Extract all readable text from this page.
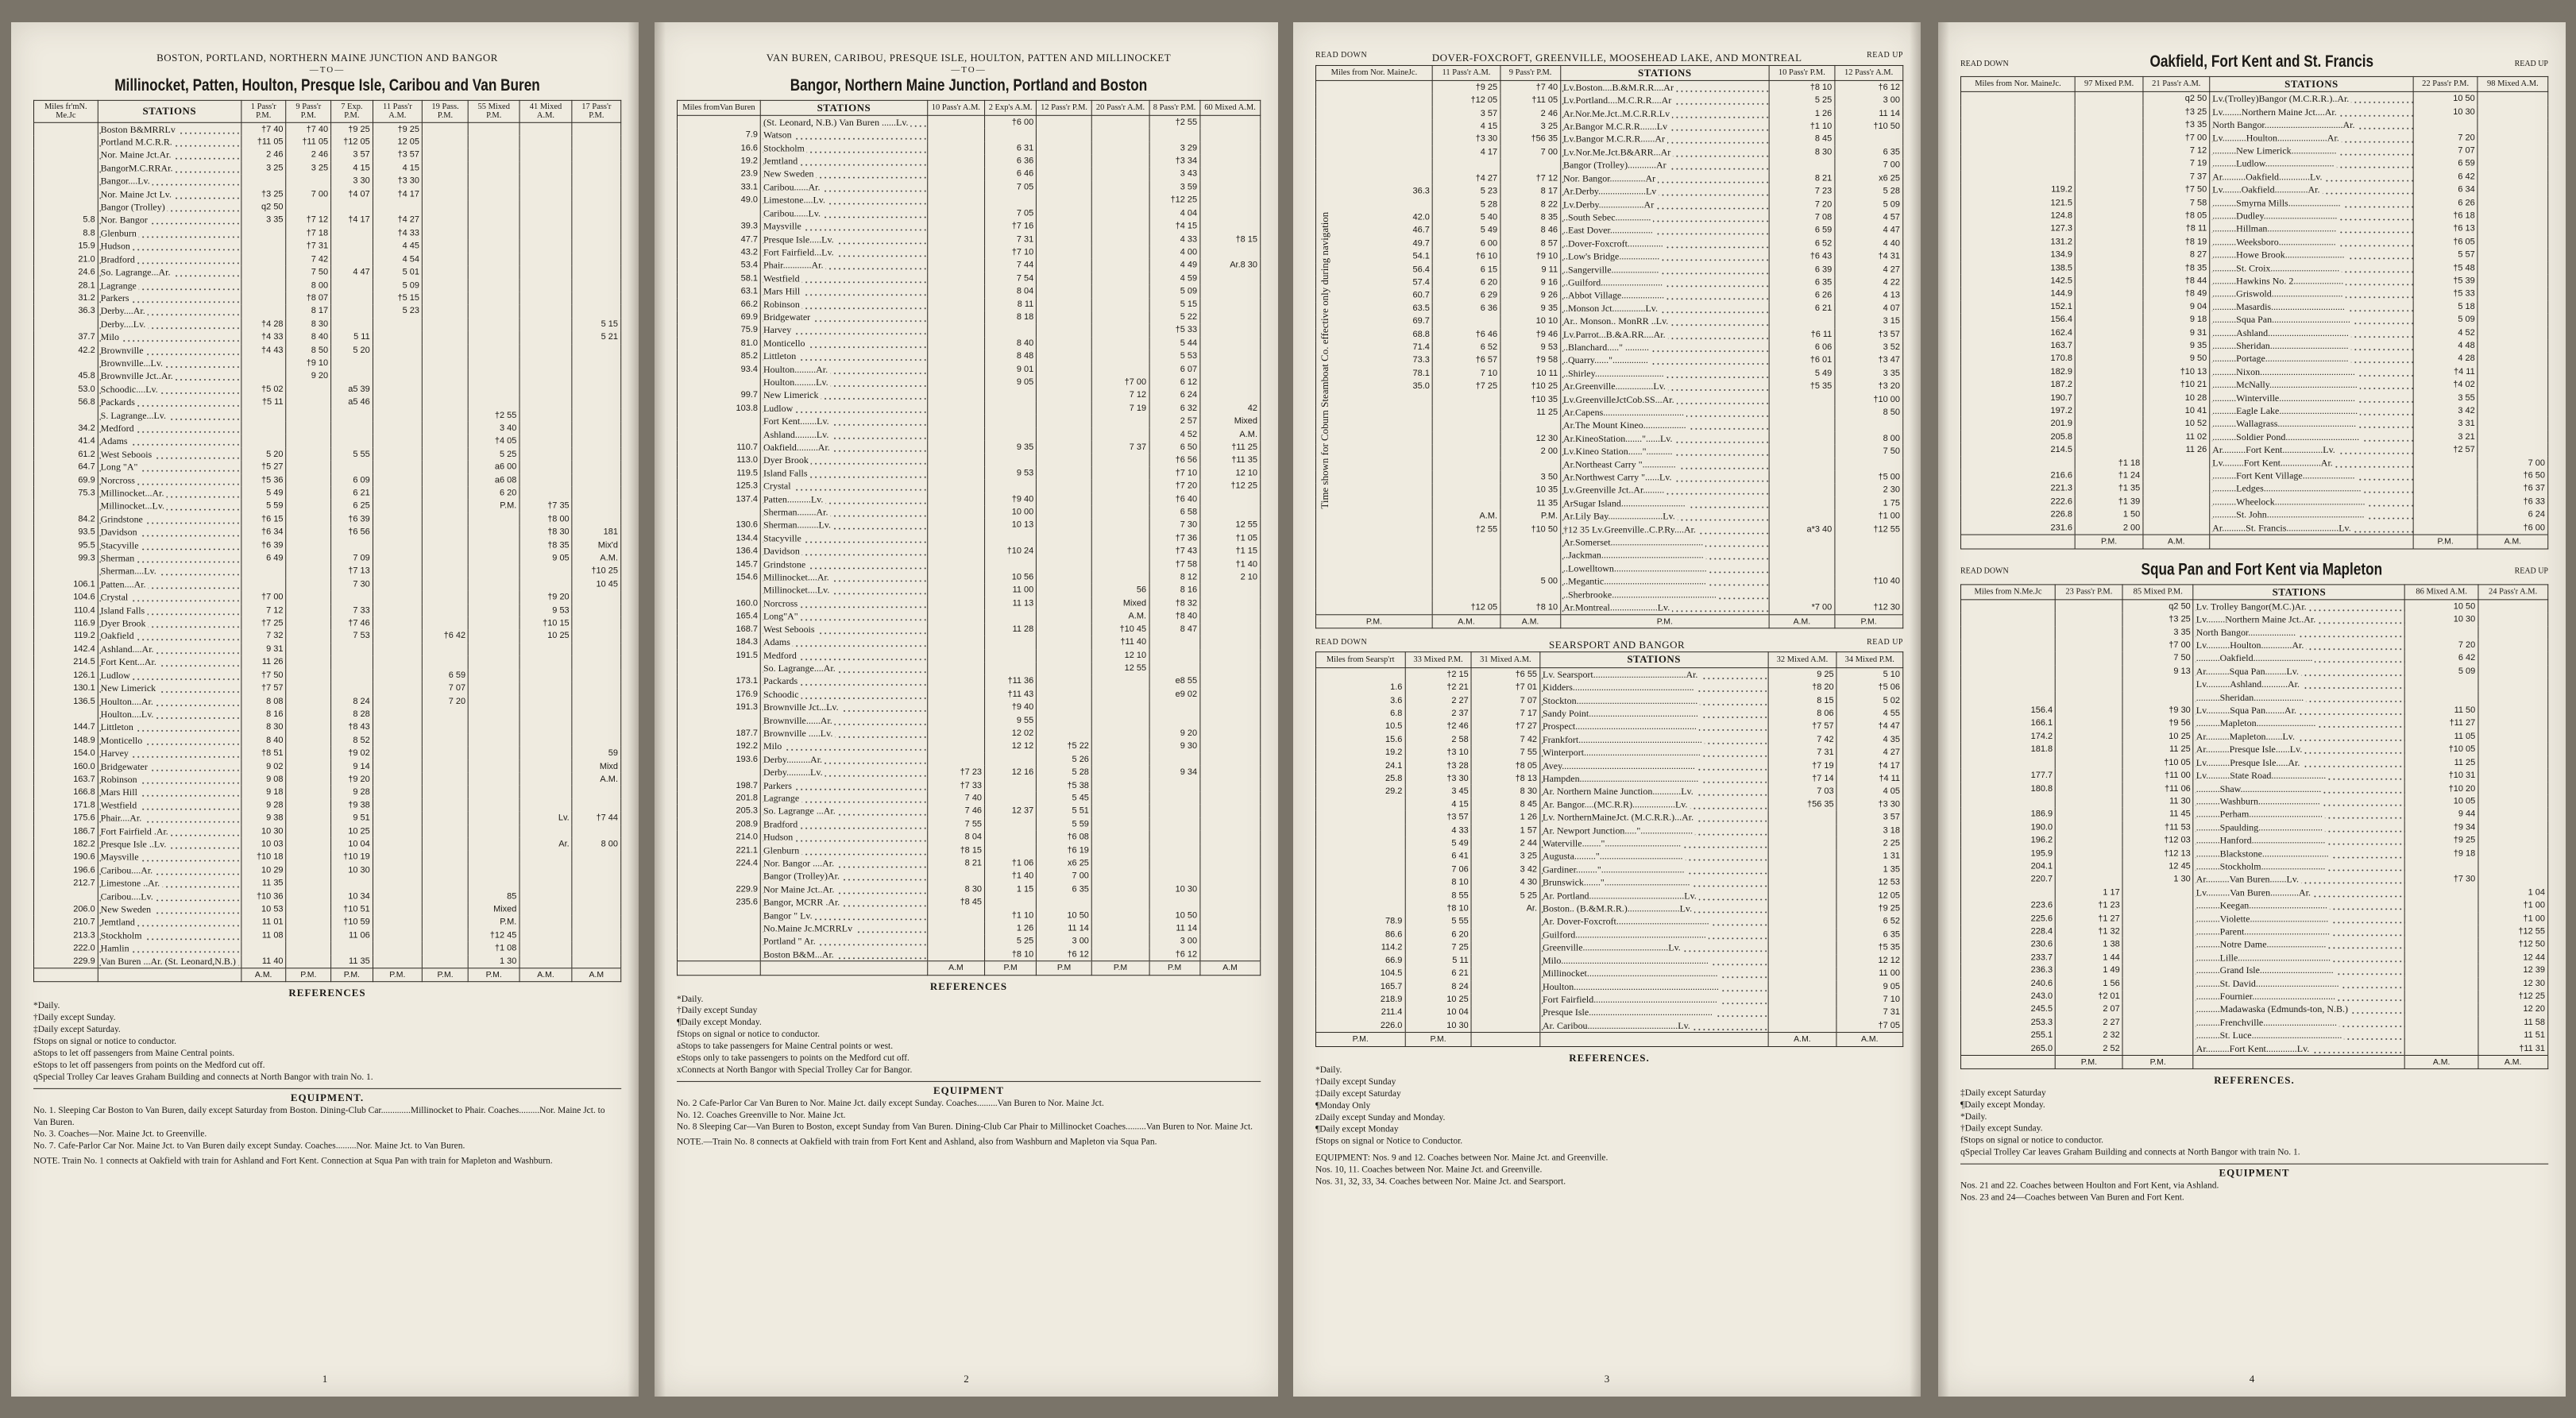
BOSTON, PORTLAND, NORTHERN MAINE JUNCTION AND BANGOR
—TO—
Millinocket, Patten, Houlton, Presque Isle, Caribou and Van Buren
Miles fr'mN. Me.Jc	STATIONS	1 Pass'r P.M.	9 Pass'r P.M.	7 Exp. P.M.	11 Pass'r A.M.	19 Pass. P.M.	55 Mixed P.M.	41 Mixed A.M.	17 Pass'r P.M.
	Boston B&MRRLv	†7 40	†7 40	†9 25	†9 25				
	Portland M.C.R.R.	†11 05	†11 05	†12 05	12 05				
	Nor. Maine Jct.Ar.	2 46	2 46	3 57	†3 57				
	BangorM.C.RRAr.	3 25	3 25	4 15	4 15				
	Bangor....Lv.			3 30	†3 30				
	Nor. Maine Jct Lv.	†3 25	7 00	†4 07	†4 17				
	Bangor (Trolley)	q2 50							
5.8	Nor. Bangor	3 35	†7 12	†4 17	†4 27				
8.8	Glenburn		†7 18		†4 33				
15.9	Hudson		†7 31		4 45				
21.0	Bradford		7 42		4 54				
24.6	So. Lagrange...Ar.		7 50	4 47	5 01				
28.1	Lagrange		8 00		5 09				
31.2	Parkers		†8 07		†5 15				
36.3	Derby....Ar.		8 17		5 23				
	Derby....Lv.	†4 28	8 30						5 15
37.7	Milo	†4 33	8 40	5 11					5 21
42.2	Brownville	†4 43	8 50	5 20					
	Brownville...Lv.		†9 10						
45.8	Brownville Jct..Ar.		9 20						
53.0	Schoodic....Lv.	†5 02		a5 39					
56.8	Packards	†5 11		a5 46					
	S. Lagrange...Lv.						†2 55		
34.2	Medford						3 40		
41.4	Adams						†4 05		
61.2	West Seboois	5 20		5 55			5 25		
64.7	Long "A"	†5 27					a6 00		
69.9	Norcross	†5 36		6 09			a6 08		
75.3	Millinocket...Ar.	5 49		6 21			6 20		
	Millinocket...Lv.	5 59		6 25			P.M.	†7 35	
84.2	Grindstone	†6 15		†6 39				†8 00	
93.5	Davidson	†6 34		†6 56				†8 30	181
95.5	Stacyville	†6 39						†8 35	Mix'd
99.3	Sherman	6 49		7 09				9 05	A.M.
	Sherman....Lv.			†7 13					†10 25
106.1	Patten....Ar.			7 30					10 45
104.6	Crystal	†7 00						†9 20	
110.4	Island Falls	7 12		7 33				9 53	
116.9	Dyer Brook	†7 25		†7 46				†10 15	
119.2	Oakfield	7 32		7 53		†6 42		10 25	
142.4	Ashland....Ar.	9 31							
214.5	Fort Kent...Ar.	11 26							
126.1	Ludlow	†7 50				6 59			
130.1	New Limerick	†7 57				7 07			
136.5	Houlton....Ar.	8 08		8 24		7 20			
	Houlton....Lv.	8 16		8 28					
144.7	Littleton	8 30		†8 43					
148.9	Monticello	8 40		8 52					
154.0	Harvey	†8 51		†9 02					59
160.0	Bridgewater	9 02		9 14					Mixd
163.7	Robinson	9 08		†9 20					A.M.
166.8	Mars Hill	9 18		9 28					
171.8	Westfield	9 28		†9 38					
175.6	Phair....Ar.	9 38		9 51				Lv.	†7 44
186.7	Fort Fairfield .Ar.	10 30		10 25					
182.2	Presque Isle ..Lv.	10 03		10 04				Ar.	8 00
190.6	Maysville	†10 18		†10 19					
196.6	Caribou....Ar.	10 29		10 30					
212.7	Limestone ..Ar.	11 35							
	Caribou....Lv.	†10 36		10 34			85		
206.0	New Sweden	10 53		†10 51			Mixed		
210.7	Jemtland	11 01		†10 59			P.M.		
213.3	Stockholm	11 08		11 06			†12 45		
222.0	Hamlin						†1 08		
229.9	Van Buren ...Ar. (St. Leonard,N.B.)	11 40		11 35			1 30		
		A.M.	P.M.	P.M.	P.M.	P.M.	P.M.	A.M.	A.M
REFERENCES
*Daily.
†Daily except Sunday.
‡Daily except Saturday.
fStops on signal or notice to conductor.
aStops to let off passengers from Maine Central points.
eStops to let off passengers from points on the Medford cut off.
qSpecial Trolley Car leaves Graham Building and connects at North Bangor with train No. 1.
EQUIPMENT.
No. 1. Sleeping Car Boston to Van Buren, daily except Saturday from Boston. Dining-Club Car.............Millinocket to Phair. Coaches.........Nor. Maine Jct. to Van Buren.
No. 3. Coaches—Nor. Maine Jct. to Greenville.
No. 7. Cafe-Parlor Car Nor. Maine Jct. to Van Buren daily except Sunday. Coaches.........Nor. Maine Jct. to Van Buren.
NOTE. Train No. 1 connects at Oakfield with train for Ashland and Fort Kent. Connection at Squa Pan with train for Mapleton and Washburn.
1
VAN BUREN, CARIBOU, PRESQUE ISLE, HOULTON, PATTEN AND MILLINOCKET
—TO—
Bangor, Northern Maine Junction, Portland and Boston
Miles fromVan Buren	STATIONS	10 Pass'r A.M.	2 Exp's A.M.	12 Pass'r P.M.	20 Pass'r A.M.	8 Pass'r P.M.	60 Mixed A.M.
	(St. Leonard, N.B.) Van Buren ......Lv.		†6 00			†2 55	
7.9	Watson						
16.6	Stockholm		6 31			3 29	
19.2	Jemtland		6 36			†3 34	
23.9	New Sweden		6 46			3 43	
33.1	Caribou......Ar.		7 05			3 59	
49.0	Limestone....Lv.					†12 25	
	Caribou......Lv.		7 05			4 04	
39.3	Maysville		†7 16			†4 15	
47.7	Presque Isle.....Lv.		7 31			4 33	†8 15
43.2	Fort Fairfield...Lv.		†7 10			4 00	
53.4	Phair............Ar.		7 44			4 49	Ar.8 30
58.1	Westfield		7 54			4 59	
63.1	Mars Hill		8 04			5 09	
66.2	Robinson		8 11			5 15	
69.9	Bridgewater		8 18			5 22	
75.9	Harvey					†5 33	
81.0	Monticello		8 40			5 44	
85.2	Littleton		8 48			5 53	
93.4	Houlton.........Ar.		9 01			6 07	
	Houlton.........Lv.		9 05		†7 00	6 12	
99.7	New Limerick				7 12	6 24	
103.8	Ludlow				7 19	6 32	42
	Fort Kent.......Lv.					2 57	Mixed
	Ashland.........Lv.					4 52	A.M.
110.7	Oakfield.........Ar.		9 35		7 37	6 50	†11 25
113.0	Dyer Brook					†6 56	†11 35
119.5	Island Falls		9 53			†7 10	12 10
125.3	Crystal					†7 20	†12 25
137.4	Patten..........Lv.		†9 40			†6 40	
	Sherman........Ar.		10 00			6 58	
130.6	Sherman.........Lv.		10 13			7 30	12 55
134.4	Stacyville					†7 36	†1 05
136.4	Davidson		†10 24			†7 43	†1 15
145.7	Grindstone					†7 58	†1 40
154.6	Millinocket....Ar.		10 56			8 12	2 10
	Millinocket....Lv.		11 00		56	8 16	
160.0	Norcross		11 13		Mixed	†8 32	
165.4	Long"A"				A.M.	†8 40	
168.7	West Seboois		11 28		†10 45	8 47	
184.3	Adams				†11 40		
191.5	Medford				12 10		
	So. Lagrange....Ar.				12 55		
173.1	Packards		†11 36			e8 55	
176.9	Schoodic		†11 43			e9 02	
191.3	Brownville Jct...Lv.		†9 40				
	Brownville......Ar.		9 55				
187.7	Brownville .....Lv.		12 02			9 20	
192.2	Milo		12 12	†5 22		9 30	
193.6	Derby..........Ar.			5 26			
	Derby..........Lv.	†7 23	12 16	5 28		9 34	
198.7	Parkers	†7 33		†5 38			
201.8	Lagrange	7 40		5 45			
205.3	So. Lagrange ...Ar.	7 46	12 37	5 51			
208.9	Bradford	7 55		5 59			
214.0	Hudson	8 04		†6 08			
221.1	Glenburn	†8 15		†6 19			
224.4	Nor. Bangor ....Ar.	8 21	†1 06	x6 25			
	Bangor (Trolley)Ar.		†1 40	7 00			
229.9	Nor Maine Jct..Ar.	8 30	1 15	6 35		10 30	
235.6	Bangor, MCRR .Ar.	†8 45					
	Bangor " Lv.		†1 10	10 50		10 50	
	No.Maine Jc.MCRRLv		1 26	11 14		11 14	
	Portland " Ar.		5 25	3 00		3 00	
	Boston B&M...Ar.		†8 10	†6 12		†6 12	
		A.M	P.M	P.M	P.M	P.M	A.M
REFERENCES
*Daily.
†Daily except Sunday
¶Daily except Monday.
fStops on signal or notice to conductor.
aStops to take passengers for Maine Central points or west.
eStops only to take passengers to points on the Medford cut off.
xConnects at North Bangor with Special Trolley Car for Bangor.
EQUIPMENT
No. 2 Cafe-Parlor Car Van Buren to Nor. Maine Jct. daily except Sunday. Coaches.........Van Buren to Nor. Maine Jct.
No. 12. Coaches Greenville to Nor. Maine Jct.
No. 8 Sleeping Car—Van Buren to Boston, except Sunday from Van Buren. Dining-Club Car Phair to Millinocket Coaches.........Van Buren to Nor. Maine Jct.
NOTE.—Train No. 8 connects at Oakfield with train from Fort Kent and Ashland, also from Washburn and Mapleton via Squa Pan.
2
READ DOWN	DOVER-FOXCROFT, GREENVILLE, MOOSEHEAD LAKE, AND MONTREAL	READ UP
Miles from Nor. MaineJc.	11 Pass'r A.M.	9 Pass'r P.M.	STATIONS	10 Pass'r P.M.	12 Pass'r A.M.
	†9 25	†7 40	Lv.Boston....B.&M.R.R....Ar	†8 10	†6 12
	†12 05	†11 05	Lv.Portland....M.C.R.R....Ar	5 25	3 00
	3 57	2 46	Ar.Nor.Me.Jct..M.C.R.R.Lv	1 26	11 14
	4 15	3 25	Ar.Bangor M.C.R.R.......Lv	†1 10	†10 50
	†3 30	†56 35	Lv.Bangor M.C.R.R......Ar	8 45	
	4 17	7 00	Lv.Nor.Me.Jct.B&ARR...Ar	8 30	6 35
			Bangor (Trolley)............Ar		7 00
	†4 27	†7 12	Nor. Bangor...............Ar	8 21	x6 25
36.3	5 23	8 17	Ar.Derby....................Lv	7 23	5 28
	5 28	8 22	Lv.Derby...................Ar	7 20	5 09
42.0	5 40	8 35	..South Sebec...............	7 08	4 57
46.7	5 49	8 46	..East Dover..................	6 59	4 47
49.7	6 00	8 57	..Dover-Foxcroft...............	6 52	4 40
54.1	†6 10	†9 10	..Low's Bridge.................	†6 43	†4 31
56.4	6 15	9 11	..Sangerville....................	6 39	4 27
57.4	6 20	9 16	..Guilford..........................	6 35	4 22
60.7	6 29	9 26	..Abbot Village..................	6 26	4 13
63.5	6 36	9 35	..Monson Jct..............Lv.	6 21	4 07
69.7		10 10	Ar.. Monson.. MonRR ..Lv.		3 15
68.8	†6 46	†9 46	Lv.Parrot...B.&A.RR....Ar.	†6 11	†3 57
71.4	6 52	9 53	..Blanchard....." ..........	6 06	3 52
73.3	†6 57	†9 58	..Quarry......"...............	†6 01	†3 47
78.1	7 10	10 11	..Shirley.............................	5 49	3 35
35.0	†7 25	†10 25	Ar.Greenville................Lv.	†5 35	†3 20
		†10 35	Lv.GreenvilleJctCob.SS...Ar.		†10 00
		11 25	Ar.Capens..................................		8 50
			Ar.The Mount Kineo..................		
		12 30	Ar.KineoStation......."......Lv.		8 00
		2 00	Lv.Kineo Station......"...........		7 50
			Ar.Northeast Carry "..............		
		3 50	Ar.Northwest Carry "......Lv.		†5 00
		10 35	Lv.Greenville Jct..Ar.........		2 30
		11 35	ArSugar Island...........................		1 75
	A.M.	P.M.	Ar.Lily Bay.......................Lv.		†1 00
	†2 55	†10 50	†12 35 Lv.Greenville..C.P.Ry....Ar.	a*3 40	†12 55
			Ar.Somerset.......................................		
			..Jackman...........................................		
			..Lowelltown.......................................		
		5 00	..Megantic...........................................		†10 40
			..Sherbrooke............................................		
	†12 05	†8 10	Ar.Montreal....................Lv.	*7 00	†12 30
P.M.	A.M.	A.M.	P.M.	A.M.	P.M.
Time shown for Coburn Steamboat Co. effective only during navigation
READ DOWN	SEARSPORT AND BANGOR	READ UP
Miles from Searsp'rt	33 Mixed P.M.	31 Mixed A.M.	STATIONS	32 Mixed A.M.	34 Mixed P.M.
	†2 15	†6 55	Lv. Searsport.......................................Ar.	9 25	5 10
1.6	†2 21	†7 01	Kidders...................................................	†8 20	†5 06
3.6	2 27	7 07	Stockton...................................................	8 15	5 02
6.8	2 37	7 17	Sandy Point..............................................	8 06	4 55
10.5	†2 46	†7 27	Prospect...................................................	†7 57	†4 47
15.6	2 58	7 42	Frankfort....................................................	7 42	4 35
19.2	†3 10	7 55	Winterport.................................................	7 31	4 27
24.1	†3 28	†8 05	Avey........................................................	†7 19	†4 17
25.8	†3 30	†8 13	Hampden..................................................	†7 14	†4 11
29.2	3 45	8 30	Ar. Northern Maine Junction............Lv.	7 03	4 05
	4 15	8 45	Ar. Bangor....(MC.R.R)..................Lv.	†56 35	†3 30
	†3 57	1 26	Lv. NorthernMaineJct. (M.C.R.R.)...Ar.		3 57
	4 33	1 57	Ar. Newport Junction....."......................		3 18
	5 49	2 44	Waterville........"................................		2 25
	6 41	3 25	Augusta........."...................................		1 31
	7 06	3 42	Gardiner........."...................................		1 35
	8 10	4 30	Brunswick......."....................................		12 53
	8 55	5 25	Ar. Portland........................................Lv.		12 05
	†8 10	Ar.	Boston.. (B.&M.R.R.)......................Lv.		†9 25
78.9	5 55		Ar. Dover-Foxcroft.......................................		6 52
86.6	6 20		Guilford.......................................................		6 35
114.2	7 25		Greenville....................................Lv.		†5 35
66.9	5 11		Milo..............................................................		12 12
104.5	6 21		Millinocket.......................................................		11 00
165.7	8 24		Houlton.............................................................		9 05
218.9	10 25		Fort Fairfield....................................................		7 10
211.4	10 04		Presque Isle....................................................		7 31
226.0	10 30		Ar. Caribou......................................Lv.		†7 05
P.M.	P.M.			A.M.	A.M.
REFERENCES.
*Daily.
†Daily except Sunday
‡Daily except Saturday
¶Monday Only
zDaily except Sunday and Monday.
¶Daily except Monday
fStops on signal or Notice to Conductor.
EQUIPMENT: Nos. 9 and 12. Coaches between Nor. Maine Jct. and Greenville.
Nos. 10, 11. Coaches between Nor. Maine Jct. and Greenville.
Nos. 31, 32, 33, 34. Coaches between Nor. Maine Jct. and Searsport.
3
READ DOWN	Oakfield, Fort Kent and St. Francis	READ UP
Miles from Nor. MaineJc.	97 Mixed P.M.	21 Pass'r A.M.	STATIONS	22 Pass'r P.M.	98 Mixed A.M.
		q2 50	Lv.(Trolley)Bangor (M.C.R.R.)..Ar.	10 50	
		†3 25	Lv........Northern Maine Jct....Ar.	10 30	
		†3 35	North Bangor.................................Ar.		
		†7 00	Lv..........Houlton.....................Ar.	7 20	
		7 12	..........New Limerick...................	7 07	
		7 19	..........Ludlow.............................	6 59	
		7 37	Ar..........Oakfield.............Lv.	6 42	
119.2		†7 50	Lv........Oakfield..............Ar.	6 34	
121.5		7 58	..........Smyrna Mills......................	6 26	
124.8		†8 05	..........Dudley...............................	†6 18	
127.3		†8 11	..........Hillman.............................	†6 13	
131.2		†8 19	..........Weeksboro........................	†6 05	
134.9		8 27	..........Howe Brook.........................	5 57	
138.5		†8 35	..........St. Croix.............................	†5 48	
142.5		†8 44	..........Hawkins No. 2.....................	†5 39	
144.9		†8 49	..........Griswold..............................	†5 33	
152.1		9 04	..........Masardis...............................	5 18	
156.4		9 18	..........Squa Pan.................................	5 09	
162.4		9 31	..........Ashland..................................	4 52	
163.7		9 35	..........Sheridan.................................	4 48	
170.8		9 50	..........Portage...................................	4 28	
182.9		†10 13	..........Nixon........................................	†4 11	
187.2		†10 21	..........McNally.....................................	†4 02	
190.7		10 28	..........Winterville................................	3 55	
197.2		10 41	..........Eagle Lake.................................	3 42	
201.9		10 52	..........Wallagrass.................................	3 31	
205.8		11 02	..........Soldier Pond...............................	3 21	
214.5		11 26	Ar..........Fort Kent.................Lv.	†2 57	
	†1 18		Lv.........Fort Kent.................Ar.		7 00
216.6	†1 24		..........Fort Kent Village......................		†6 50
221.3	†1 35		..........Ledges.........................................		†6 37
222.6	†1 39		..........Wheelock......................................		†6 33
226.8	1 50		..........St. John.........................................		6 24
231.6	2 00		Ar..........St. Francis......................Lv.		†6 00
	P.M.	A.M.		P.M.	A.M.
READ DOWN	Squa Pan and Fort Kent via Mapleton	READ UP
Miles from N.Me.Jc	23 Pass'r P.M.	85 Mixed P.M.	STATIONS	86 Mixed A.M.	24 Pass'r A.M.
		q2 50	Lv. Trolley Bangor(M.C.)Ar.	10 50	
		†3 25	Lv........Northern Maine Jct..Ar.	10 30	
		3 35	North Bangor....................		
		†7 00	Lv..........Houlton.............Ar.	7 20	
		7 50	..........Oakfield.........................	6 42	
		9 13	Ar..........Squa Pan.........Lv.	5 09	
			Lv..........Ashland...........Ar.		
			..........Sheridan.....................		
156.4		†9 30	Lv..........Squa Pan........Ar.	11 50	
166.1		†9 56	..........Mapleton.........................	†11 27	
174.2		10 25	Ar..........Mapleton.......Lv.	11 05	
181.8		11 25	Ar..........Presque Isle......Lv.	†10 05	
		†10 05	Lv..........Presque Isle.....Ar.	11 25	
177.7		†11 00	Lv..........State Road.......................	†10 31	
180.8		†11 06	..........Shaw..................................	†10 20	
		11 30	..........Washburn..........................	10 05	
186.9		11 45	..........Perham...............................	9 44	
190.0		†11 53	..........Spaulding...........................	†9 34	
196.2		†12 03	..........Hanford...............................	†9 25	
195.9		†12 13	..........Blackstone............................	†9 18	
204.1		12 45	..........Stockholm...........................		
220.7		1 30	Ar..........Van Buren.......Lv.	†7 30	
	1 17		Lv..........Van Buren............Ar.		1 04
223.6	†1 23		..........Keegan.................................		†1 00
225.6	†1 27		..........Violette.................................		†1 00
228.4	†1 32		..........Parent....................................		†12 55
230.6	1 38		..........Notre Dame.........................		†12 50
233.7	1 44		..........Lille.......................................		12 44
236.3	1 49		..........Grand Isle...............................		12 39
240.6	1 56		..........St. David...................................		12 30
243.0	†2 01		..........Fournier...................................		†12 25
245.5	2 07		..........Madawaska (Edmunds-ton, N.B.)		12 20
253.3	2 27		..........Frenchville...............................		11 58
255.1	2 32		..........St. Luce......................................		11 51
265.0	2 52		Ar..........Fort Kent.............Lv.		†11 31
	P.M.	P.M.		A.M.	A.M.
REFERENCES.
‡Daily except Saturday
¶Daily except Monday.
*Daily.
†Daily except Sunday.
fStops on signal or notice to conductor.
qSpecial Trolley Car leaves Graham Building and connects at North Bangor with train No. 1.
EQUIPMENT
Nos. 21 and 22. Coaches between Houlton and Fort Kent, via Ashland.
Nos. 23 and 24—Coaches between Van Buren and Fort Kent.
4
